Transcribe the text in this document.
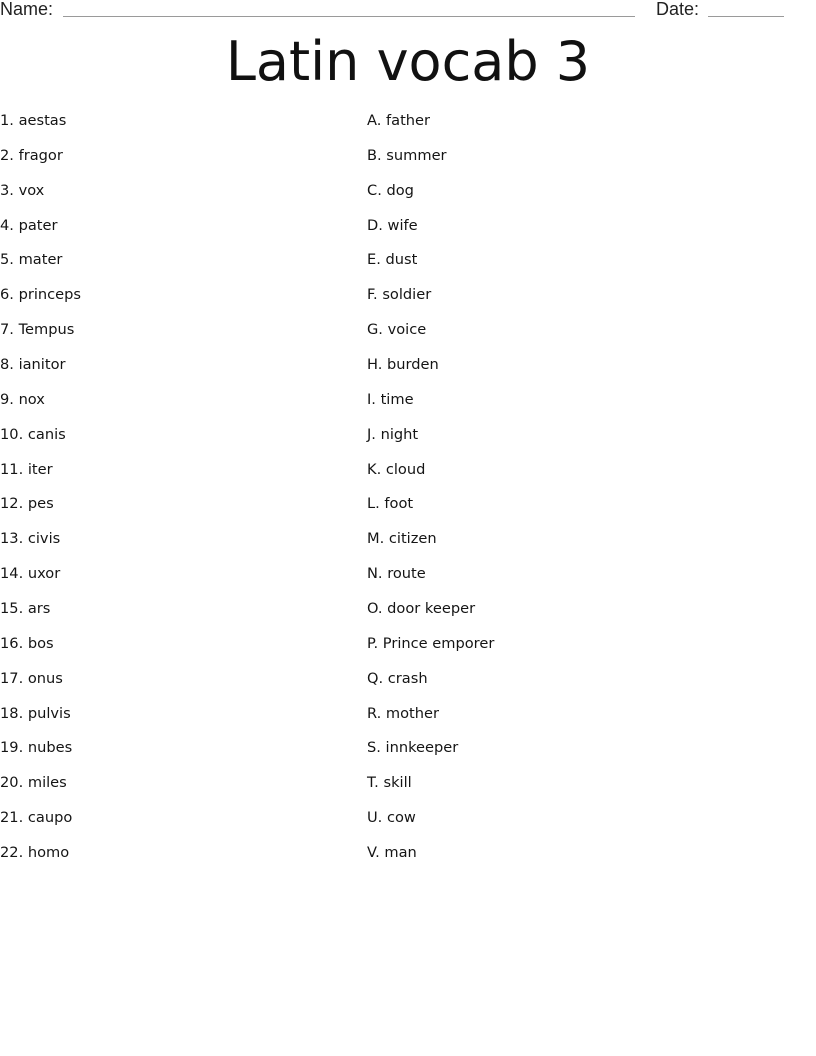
Name:	Date:
Latin vocab 3
1. aestas
2. fragor
3. vox
4. pater
5. mater
6. princeps
7. Tempus
8. ianitor
9. nox
10. canis
11. iter
12. pes
13. civis
14. uxor
15. ars
16. bos
17. onus
18. pulvis
19. nubes
20. miles
21. caupo
22. homo
A. father
B. summer
C. dog
D. wife
E. dust
F. soldier
G. voice
H. burden
I. time
J. night
K. cloud
L. foot
M. citizen
N. route
O. door keeper
P. Prince emporer
Q. crash
R. mother
S. innkeeper
T. skill
U. cow
V. man
